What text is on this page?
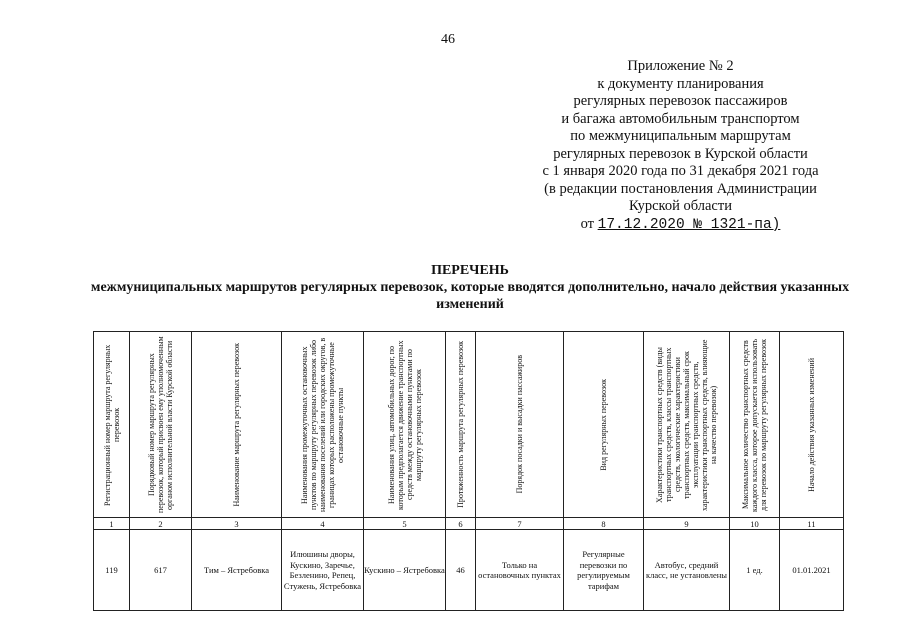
46
Приложение № 2
к документу планирования
регулярных перевозок пассажиров
и багажа автомобильным транспортом
по межмуниципальным маршрутам
регулярных перевозок в Курской области
с 1 января 2020 года по 31 декабря 2021 года
(в редакции постановления Администрации
Курской области
от 17.12.2020 № 1321-па)
ПЕРЕЧЕНЬ
межмуниципальных маршрутов регулярных перевозок, которые вводятся дополнительно, начало действия указанных изменений
Регистрационный номер маршрута регулярных перевозок	Порядковый номер маршрута регулярных перевозок, который присвоен ему уполномоченным органом исполнительной власти Курской области	Наименование маршрута регулярных перевозок	Наименования промежуточных остановочных пунктов по маршруту регулярных перевозок либо наименования поселений или городских округов, в границах которых расположены промежуточные остановочные пункты	Наименования улиц, автомобильных дорог, по которым предполагается движение транспортных средств между остановочными пунктами по маршруту регулярных перевозок	Протяженность маршрута регулярных перевозок	Порядок посадки и высадки пассажиров	Вид регулярных перевозок	Характеристики транспортных средств (виды транспортных средств, классы транспортных средств, экологические характеристики транспортных средств, максимальный срок эксплуатации транспортных средств, характеристики транспортных средств, влияющие на качество перевозок)	Максимальное количество транспортных средств каждого класса, которое допускается использовать для перевозок по маршруту регулярных перевозок	Начало действия указанных изменений

1	2	3	4	5	6	7	8	9	10	11
119	617	Тим – Ястребовка	Илюшины дворы, Кускино, Заречье, Безленино, Репец, Стужень, Ястребовка	Кускино – Ястребовка	46	Только на остановочных пунктах	Регулярные перевозки по регулируемым тарифам	Автобус, средний класс, не установлены	1 ед.	01.01.2021
